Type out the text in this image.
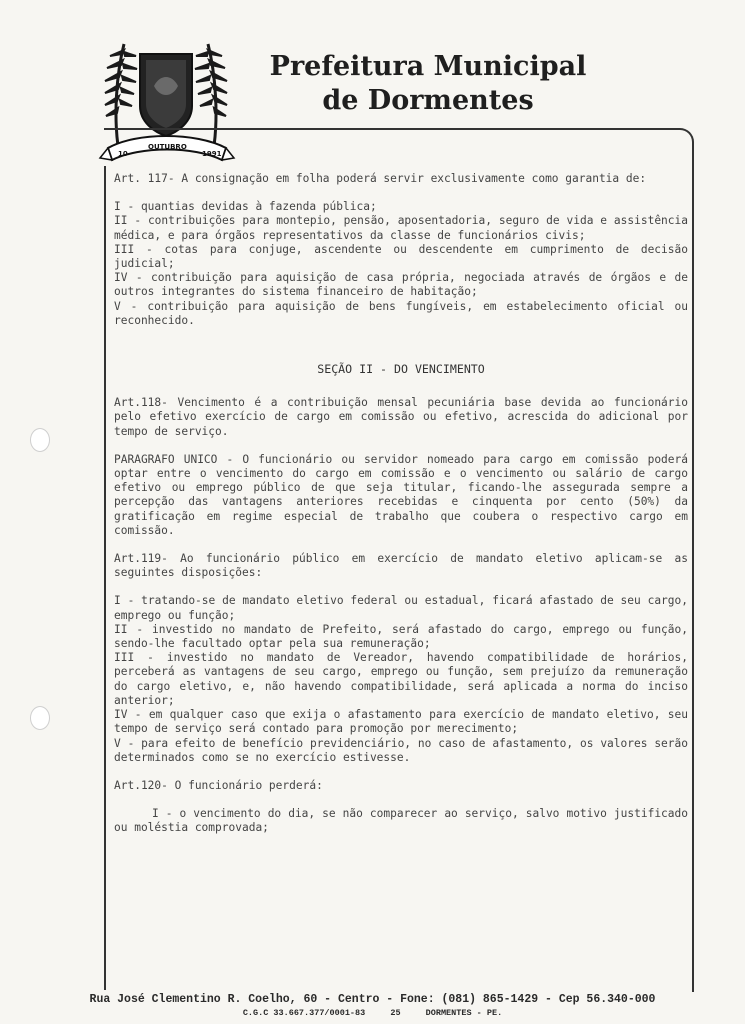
10
OUTUBRO
1991
Prefeitura Municipal
de Dormentes

Art. 117- A consignação em folha poderá servir exclusivamente como garantia de:

I - quantias devidas à fazenda pública;

II - contribuições para montepio, pensão, aposentadoria, seguro de vida e assistência médica, e para órgãos representativos da classe de funcionários civis;

III - cotas para conjuge, ascendente ou descendente em cumprimento de decisão judicial;

IV - contribuição para aquisição de casa própria, negociada através de órgãos e de outros integrantes do sistema financeiro de habitação;

V - contribuição para aquisição de bens fungíveis, em estabelecimento oficial ou reconhecido.

SEÇÃO II - DO VENCIMENTO

Art.118- Vencimento é a contribuição mensal pecuniária base devida ao funcionário pelo efetivo exercício de cargo em comissão ou efetivo, acrescida do adicional por tempo de serviço.

PARAGRAFO UNICO - O funcionário ou servidor nomeado para cargo em comissão poderá optar entre o vencimento do cargo em comissão e o vencimento ou salário de cargo efetivo ou emprego público de que seja titular, ficando-lhe assegurada sempre a percepção das vantagens anteriores recebidas e cinquenta por cento (50%) da gratificação em regime especial de trabalho que coubera o respectivo cargo em comissão.

Art.119- Ao funcionário público em exercício de mandato eletivo aplicam-se as seguintes disposições:

I - tratando-se de mandato eletivo federal ou estadual, ficará afastado de seu cargo, emprego ou função;

II - investido no mandato de Prefeito, será afastado do cargo, emprego ou função, sendo-lhe facultado optar pela sua remuneração;

III - investido no mandato de Vereador, havendo compatibilidade de horários, perceberá as vantagens de seu cargo, emprego ou função, sem prejuízo da remuneração do cargo eletivo, e, não havendo compatibilidade, será aplicada a norma do inciso anterior;

IV - em qualquer caso que exija o afastamento para exercício de mandato eletivo, seu tempo de serviço será contado para promoção por merecimento;

V - para efeito de benefício previdenciário, no caso de afastamento, os valores serão determinados como se no exercício estivesse.

Art.120- O funcionário perderá:

I - o vencimento do dia, se não comparecer ao serviço, salvo motivo justificado ou moléstia comprovada;

Rua José Clementino R. Coelho, 60 - Centro - Fone: (081) 865-1429 - Cep 56.340-000
C.G.C 33.667.377/0001-83	25	DORMENTES - PE.
